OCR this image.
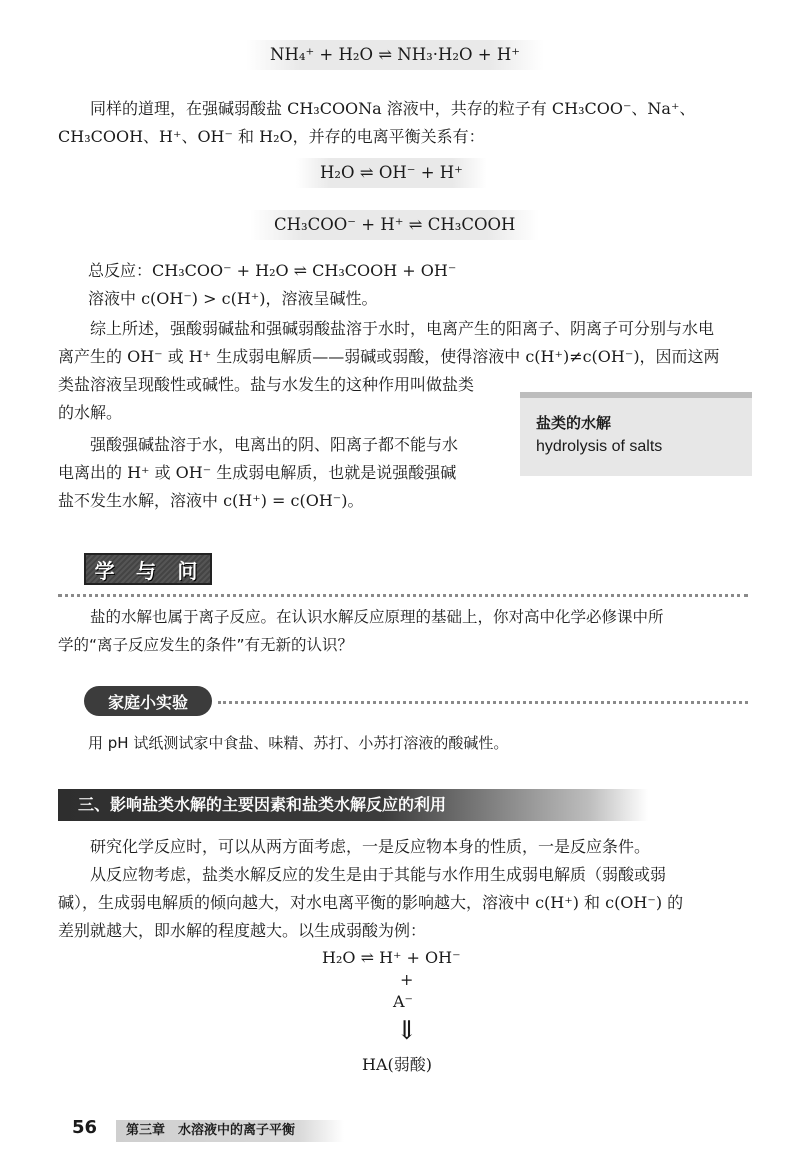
NH₄⁺ + H₂O ⇌ NH₃·H₂O + H⁺
同样的道理，在强碱弱酸盐 CH₃COONa 溶液中，共存的粒子有 CH₃COO⁻、Na⁺、
CH₃COOH、H⁺、OH⁻ 和 H₂O，并存的电离平衡关系有：
H₂O ⇌ OH⁻ + H⁺
CH₃COO⁻ + H⁺ ⇌ CH₃COOH
总反应：CH₃COO⁻ + H₂O ⇌ CH₃COOH + OH⁻
溶液中 c(OH⁻) > c(H⁺)，溶液呈碱性。
综上所述，强酸弱碱盐和强碱弱酸盐溶于水时，电离产生的阳离子、阴离子可分别与水电
离产生的 OH⁻ 或 H⁺ 生成弱电解质——弱碱或弱酸，使得溶液中 c(H⁺)≠c(OH⁻)，因而这两
类盐溶液呈现酸性或碱性。盐与水发生的这种作用叫做盐类
的水解。
盐类的水解
hydrolysis of salts
强酸强碱盐溶于水，电离出的阴、阳离子都不能与水
电离出的 H⁺ 或 OH⁻ 生成弱电解质，也就是说强酸强碱
盐不发生水解，溶液中 c(H⁺) = c(OH⁻)。
学 与 问
盐的水解也属于离子反应。在认识水解反应原理的基础上，你对高中化学必修课中所
学的“离子反应发生的条件”有无新的认识？
家庭小实验
用 pH 试纸测试家中食盐、味精、苏打、小苏打溶液的酸碱性。
三、影响盐类水解的主要因素和盐类水解反应的利用
研究化学反应时，可以从两方面考虑，一是反应物本身的性质，一是反应条件。
从反应物考虑，盐类水解反应的发生是由于其能与水作用生成弱电解质（弱酸或弱
碱），生成弱电解质的倾向越大，对水电离平衡的影响越大，溶液中 c(H⁺) 和 c(OH⁻) 的
差别就越大，即水解的程度越大。以生成弱酸为例：
H₂O ⇌ H⁺ + OH⁻
+
A⁻
⇓
HA(弱酸)
56	第三章　水溶液中的离子平衡
